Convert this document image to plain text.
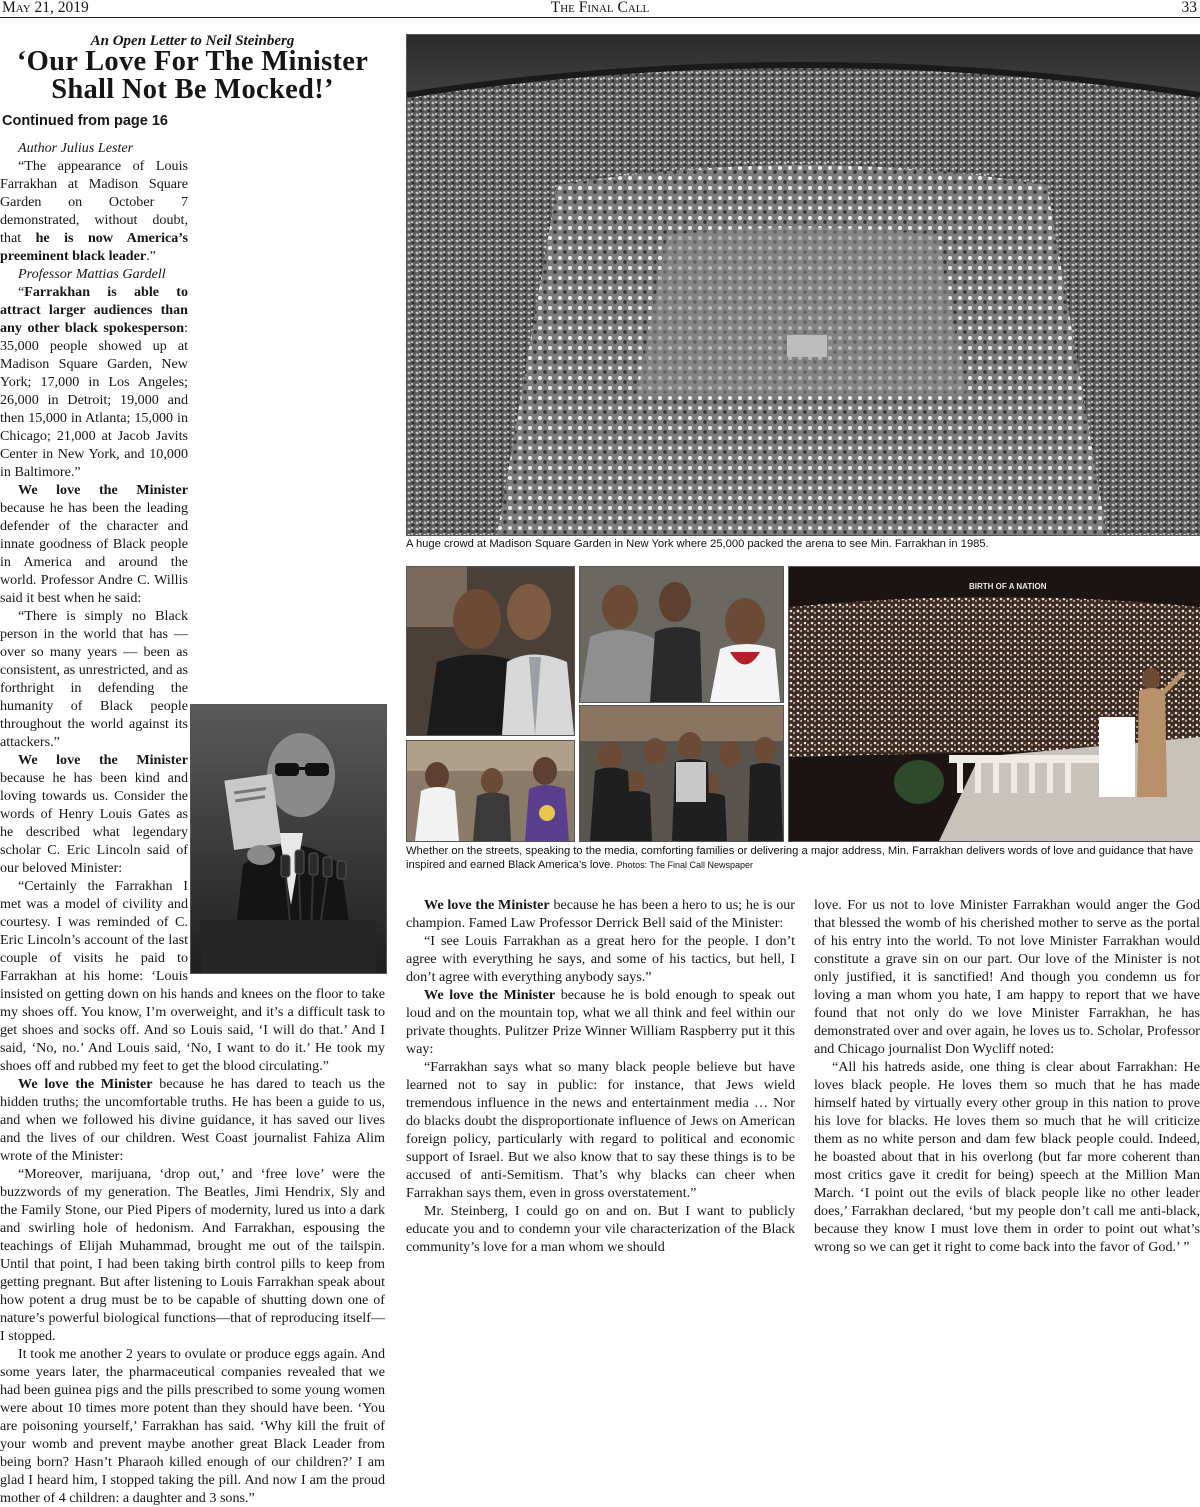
The Final Call
May 21, 2019	33
An Open Letter to Neil Steinberg
‘Our Love For The Minister
Shall Not Be Mocked!’
Continued from page 16

Author Julius Lester

“The appearance of Louis Farrakhan at Madison Square Garden on October 7 demonstrated, without doubt, that he is now America’s preeminent black leader.”

Professor Mattias Gardell

“Farrakhan is able to attract larger audiences than any other black spokesperson: 35,000 people showed up at Madison Square Garden, New York; 17,000 in Los Angeles; 26,000 in Detroit; 19,000 and then 15,000 in Atlanta; 15,000 in Chicago; 21,000 at Jacob Javits Center in New York, and 10,000 in Baltimore.”

We love the Minister because he has been the leading defender of the character and innate goodness of Black people in America and around the world. Professor Andre C. Willis said it best when he said:

“There is simply no Black person in the world that has — over so many years — been as consistent, as unrestricted, and as forthright in defending the humanity of Black people throughout the world against its attackers.”

We love the Minister because he has been kind and loving towards us. Consider the words of Henry Louis Gates as he described what legendary scholar C. Eric Lincoln said of our beloved Minister:

“Certainly the Farrakhan I met was a model of civility and courtesy. I was reminded of C. Eric Lincoln’s account of the last couple of visits he paid to Farrakhan at his home: ‘Louis insisted on getting down on his hands and knees on the floor to take my shoes off. You know, I’m overweight, and it’s a difficult task to get shoes and socks off. And so Louis said, ‘I will do that.’ And I said, ‘No, no.’ And Louis said, ‘No, I want to do it.’ He took my shoes off and rubbed my feet to get the blood circulating.”

We love the Minister because he has dared to teach us the hidden truths; the uncomfortable truths. He has been a guide to us, and when we followed his divine guidance, it has saved our lives and the lives of our children. West Coast journalist Fahiza Alim wrote of the Minister:

“Moreover, marijuana, ‘drop out,’ and ‘free love’ were the buzzwords of my generation. The Beatles, Jimi Hendrix, Sly and the Family Stone, our Pied Pipers of modernity, lured us into a dark and swirling hole of hedonism. And Farrakhan, espousing the teachings of Elijah Muhammad, brought me out of the tailspin. Until that point, I had been taking birth control pills to keep from getting pregnant. But after listening to Louis Farrakhan speak about how potent a drug must be to be capable of shutting down one of nature’s powerful biological functions—that of reproducing itself—I stopped.

It took me another 2 years to ovulate or produce eggs again. And some years later, the pharmaceutical companies revealed that we had been guinea pigs and the pills prescribed to some young women were about 10 times more potent than they should have been. ‘You are poisoning yourself,’ Farrakhan has said. ‘Why kill the fruit of your womb and prevent maybe another great Black Leader from being born? Hasn’t Pharaoh killed enough of our children?’ I am glad I heard him, I stopped taking the pill. And now I am the proud mother of 4 children: a daughter and 3 sons.”

A huge crowd at Madison Square Garden in New York where 25,000 packed the arena to see Min. Farrakhan in 1985.
BIRTH OF A NATION
Whether on the streets, speaking to the media, comforting families or delivering a major address, Min. Farrakhan delivers words of love and guidance that have inspired and earned Black America’s love. Photos: The Final Call Newspaper

We love the Minister because he has been a hero to us; he is our champion. Famed Law Professor Derrick Bell said of the Minister:

“I see Louis Farrakhan as a great hero for the people. I don’t agree with everything he says, and some of his tactics, but hell, I don’t agree with everything anybody says.”

We love the Minister because he is bold enough to speak out loud and on the mountain top, what we all think and feel within our private thoughts. Pulitzer Prize Winner William Raspberry put it this way:

“Farrakhan says what so many black people believe but have learned not to say in public: for instance, that Jews wield tremendous influence in the news and entertainment media … Nor do blacks doubt the disproportionate influence of Jews on American foreign policy, particularly with regard to political and economic support of Israel. But we also know that to say these things is to be accused of anti-Semitism. That’s why blacks can cheer when Farrakhan says them, even in gross overstatement.”

Mr. Steinberg, I could go on and on. But I want to publicly educate you and to condemn your vile characterization of the Black community’s love for a man whom we should

love. For us not to love Minister Farrakhan would anger the God that blessed the womb of his cherished mother to serve as the portal of his entry into the world. To not love Minister Farrakhan would constitute a grave sin on our part. Our love of the Minister is not only justified, it is sanctified! And though you condemn us for loving a man whom you hate, I am happy to report that we have found that not only do we love Minister Farrakhan, he has demonstrated over and over again, he loves us to. Scholar, Professor and Chicago journalist Don Wycliff noted:

“All his hatreds aside, one thing is clear about Farrakhan: He loves black people. He loves them so much that he has made himself hated by virtually every other group in this nation to prove his love for blacks. He loves them so much that he will criticize them as no white person and dam few black people could. Indeed, he boasted about that in his overlong (but far more coherent than most critics gave it credit for being) speech at the Million Man March. ‘I point out the evils of black people like no other leader does,’ Farrakhan declared, ‘but my people don’t call me anti-black, because they know I must love them in order to point out what’s wrong so we can get it right to come back into the favor of God.’ ”
